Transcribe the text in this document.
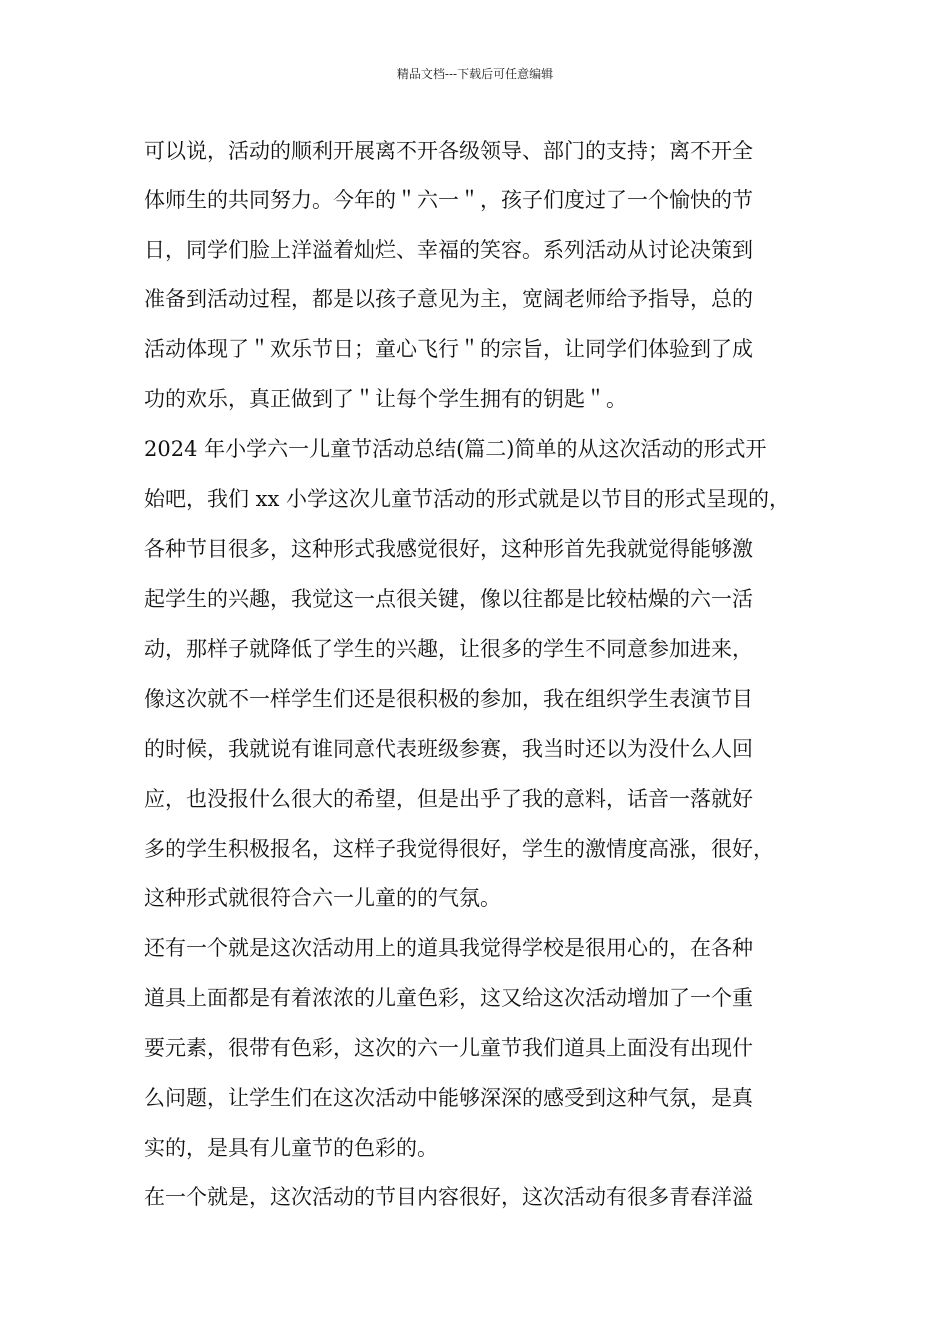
精品文档---下载后可任意编辑
可以说，活动的顺利开展离不开各级领导、部门的支持；离不开全
体师生的共同努力。今年的＂六一＂，孩子们度过了一个愉快的节
日，同学们脸上洋溢着灿烂、幸福的笑容。系列活动从讨论决策到
准备到活动过程，都是以孩子意见为主，宽阔老师给予指导，总的
活动体现了＂欢乐节日；童心飞行＂的宗旨，让同学们体验到了成
功的欢乐，真正做到了＂让每个学生拥有的钥匙＂。
2024 年小学六一儿童节活动总结(篇二)简单的从这次活动的形式开
始吧，我们 xx 小学这次儿童节活动的形式就是以节目的形式呈现的，
各种节目很多，这种形式我感觉很好，这种形首先我就觉得能够激
起学生的兴趣，我觉这一点很关键，像以往都是比较枯燥的六一活
动，那样子就降低了学生的兴趣，让很多的学生不同意参加进来，
像这次就不一样学生们还是很积极的参加，我在组织学生表演节目
的时候，我就说有谁同意代表班级参赛，我当时还以为没什么人回
应，也没报什么很大的希望，但是出乎了我的意料，话音一落就好
多的学生积极报名，这样子我觉得很好，学生的激情度高涨，很好，
这种形式就很符合六一儿童的的气氛。
还有一个就是这次活动用上的道具我觉得学校是很用心的，在各种
道具上面都是有着浓浓的儿童色彩，这又给这次活动增加了一个重
要元素，很带有色彩，这次的六一儿童节我们道具上面没有出现什
么问题，让学生们在这次活动中能够深深的感受到这种气氛，是真
实的，是具有儿童节的色彩的。
在一个就是，这次活动的节目内容很好，这次活动有很多青春洋溢
